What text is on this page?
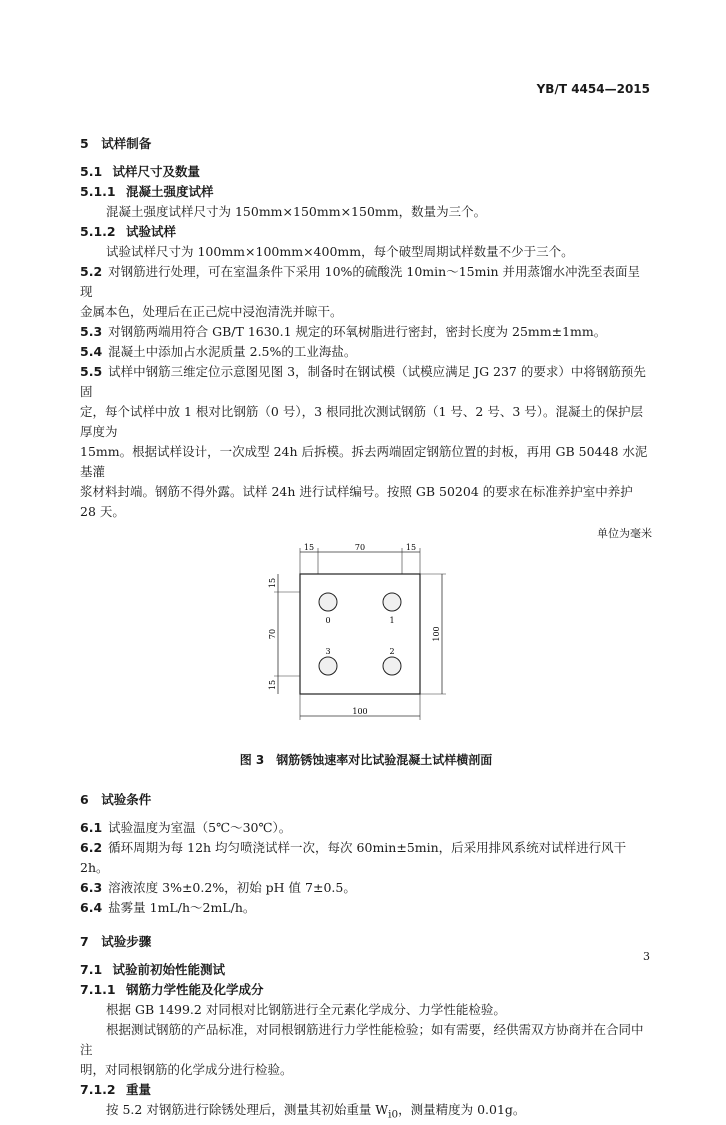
YB/T 4454—2015
5　 试样制备

5.1 试样尺寸及数量

5.1.1 混凝土强度试样

混凝土强度试样尺寸为 150mm×150mm×150mm，数量为三个。

5.1.2 试验试样

试验试样尺寸为 100mm×100mm×400mm，每个破型周期试样数量不少于三个。

5.2 对钢筋进行处理，可在室温条件下采用 10%的硫酸洗 10min～15min 并用蒸馏水冲洗至表面呈现
金属本色，处理后在正己烷中浸泡清洗并晾干。

5.3 对钢筋两端用符合 GB/T 1630.1 规定的环氧树脂进行密封，密封长度为 25mm±1mm。

5.4 混凝土中添加占水泥质量 2.5%的工业海盐。

5.5 试样中钢筋三维定位示意图见图 3，制备时在钢试模（试模应满足 JG 237 的要求）中将钢筋预先固
定，每个试样中放 1 根对比钢筋（0 号），3 根同批次测试钢筋（1 号、2 号、3 号）。混凝土的保护层厚度为
15mm。根据试样设计，一次成型 24h 后拆模。拆去两端固定钢筋位置的封板，再用 GB 50448 水泥基灌
浆材料封端。钢筋不得外露。试样 24h 进行试样编号。按照 GB 50204 的要求在标准养护室中养护 28 天。

单位为毫米
15	70	15
15
70
15
100
100
0	1
3	2
图 3　钢筋锈蚀速率对比试验混凝土试样横剖面
6　 试验条件

6.1 试验温度为室温（5℃～30℃）。

6.2 循环周期为每 12h 均匀喷浇试样一次，每次 60min±5min，后采用排风系统对试样进行风干
2h。

6.3 溶液浓度 3%±0.2%，初始 pH 值 7±0.5。

6.4 盐雾量 1mL/h～2mL/h。

7　 试验步骤

7.1 试验前初始性能测试

7.1.1 钢筋力学性能及化学成分

根据 GB 1499.2 对同根对比钢筋进行全元素化学成分、力学性能检验。

根据测试钢筋的产品标准，对同根钢筋进行力学性能检验；如有需要，经供需双方协商并在合同中注

明，对同根钢筋的化学成分进行检验。

7.1.2 重量

按 5.2 对钢筋进行除锈处理后，测量其初始重量 $W_{i0}$，测量精度为 0.01g。

3
